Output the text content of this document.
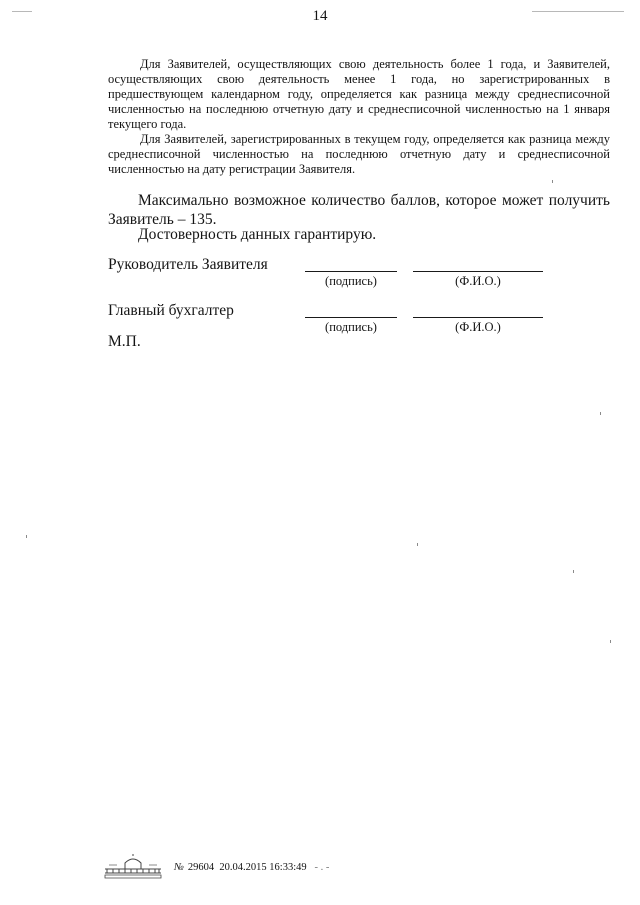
14

Для Заявителей, осуществляющих свою деятельность более 1 года, и Заявителей, осуществляющих свою деятельность менее 1 года, но зарегистрированных в предшествующем календарном году, определяется как разница между среднесписочной численностью на последнюю отчетную дату и среднесписочной численностью на 1 января текущего года.

Для Заявителей, зарегистрированных в текущем году, определяется как разница между среднесписочной численностью на последнюю отчетную дату и среднесписочной численностью на дату регистрации Заявителя.

Максимально возможное количество баллов, которое может получить Заявитель – 135.

Достоверность данных гарантирую.
Руководитель Заявителя
(подпись)	(Ф.И.О.)
Главный бухгалтер
(подпись)	(Ф.И.О.)
М.П.
№ 29604 20.04.2015 16:33:49 - . -
